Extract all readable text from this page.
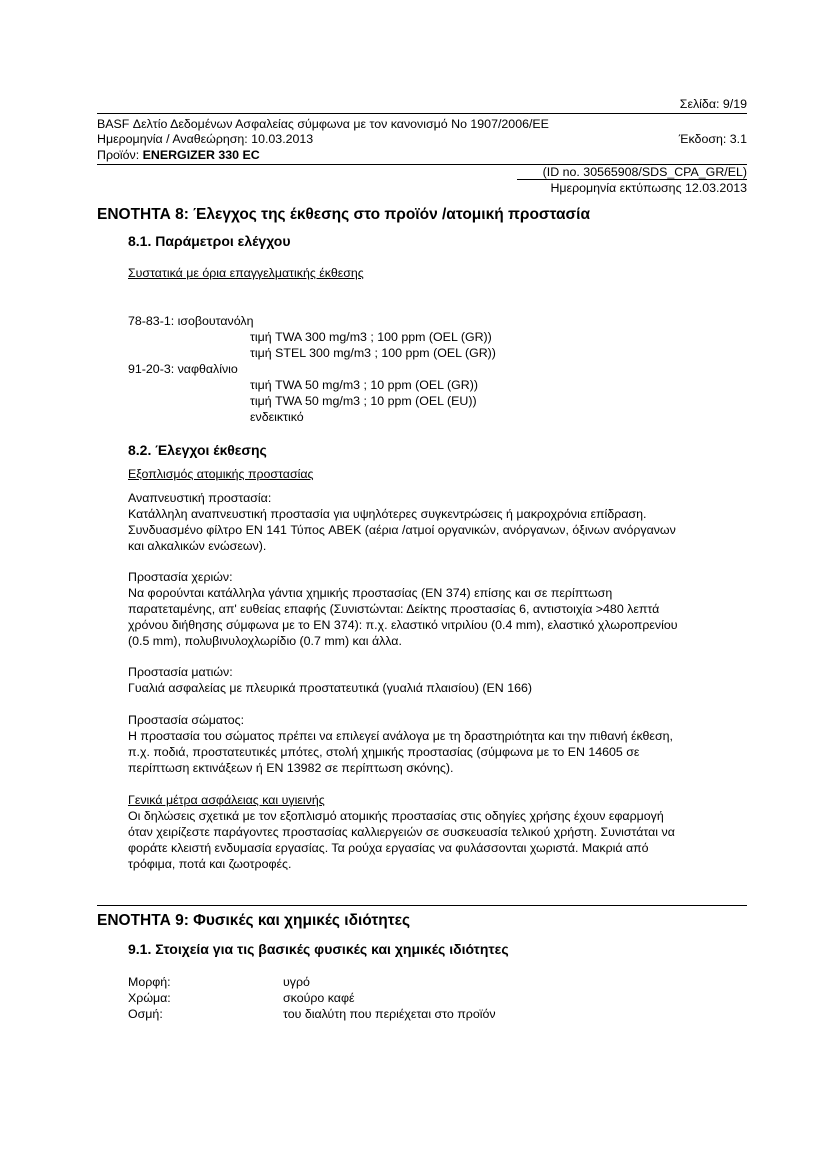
Σελίδα: 9/19
BASF Δελτίο Δεδομένων Ασφαλείας σύμφωνα με τον κανονισμό Νο 1907/2006/ΕΕ
Ημερομηνία / Αναθεώρηση: 10.03.2013	Έκδοση: 3.1
Προϊόν: ENERGIZER 330 EC
(ID no. 30565908/SDS_CPA_GR/EL)
Ημερομηνία εκτύπωσης 12.03.2013
ΕΝΟΤΗΤΑ 8: Έλεγχος της έκθεσης στο προϊόν /ατομική προστασία
8.1. Παράμετροι ελέγχου
Συστατικά με όρια επαγγελματικής έκθεσης
78-83-1: ισοβουτανόλη
τιμή TWA 300 mg/m3 ; 100 ppm (OEL (GR))
τιμή STEL 300 mg/m3 ; 100 ppm (OEL (GR))
91-20-3: ναφθαλίνιο
τιμή TWA 50 mg/m3 ; 10 ppm (OEL (GR))
τιμή TWA 50 mg/m3 ; 10 ppm (OEL (EU))
ενδεικτικό
8.2. Έλεγχοι έκθεσης
Εξοπλισμός ατομικής προστασίας
Αναπνευστική προστασία:
Κατάλληλη αναπνευστική προστασία για υψηλότερες συγκεντρώσεις ή μακροχρόνια επίδραση.
Συνδυασμένο φίλτρο EN 141 Τύπος ABEK (αέρια /ατμοί οργανικών, ανόργανων, όξινων ανόργανων
και αλκαλικών ενώσεων).
Προστασία χεριών:
Να φορούνται κατάλληλα γάντια χημικής προστασίας (EN 374) επίσης και σε περίπτωση
παρατεταμένης, απ' ευθείας επαφής (Συνιστώνται: Δείκτης προστασίας 6, αντιστοιχία >480 λεπτά
χρόνου διήθησης σύμφωνα με το EN 374): π.χ. ελαστικό νιτριλίου (0.4 mm), ελαστικό χλωροπρενίου
(0.5 mm), πολυβινυλοχλωρίδιο (0.7 mm) και άλλα.
Προστασία ματιών:
Γυαλιά ασφαλείας με πλευρικά προστατευτικά (γυαλιά πλαισίου) (EN 166)
Προστασία σώματος:
Η προστασία του σώματος πρέπει να επιλεγεί ανάλογα με τη δραστηριότητα και την πιθανή έκθεση,
π.χ. ποδιά, προστατευτικές μπότες, στολή χημικής προστασίας (σύμφωνα με το EN 14605 σε
περίπτωση εκτινάξεων ή EN 13982 σε περίπτωση σκόνης).
Γενικά μέτρα ασφάλειας και υγιεινής
Οι δηλώσεις σχετικά με τον εξοπλισμό ατομικής προστασίας στις οδηγίες χρήσης έχουν εφαρμογή
όταν χειρίζεστε παράγοντες προστασίας καλλιεργειών σε συσκευασία τελικού χρήστη. Συνιστάται να
φοράτε κλειστή ενδυμασία εργασίας. Τα ρούχα εργασίας να φυλάσσονται χωριστά. Μακριά από
τρόφιμα, ποτά και ζωοτροφές.
ΕΝΟΤΗΤΑ 9: Φυσικές και χημικές ιδιότητες
9.1. Στοιχεία για τις βασικές φυσικές και χημικές ιδιότητες
Μορφή:	υγρό
Χρώμα:	σκούρο καφέ
Οσμή:	του διαλύτη που περιέχεται στο προϊόν
